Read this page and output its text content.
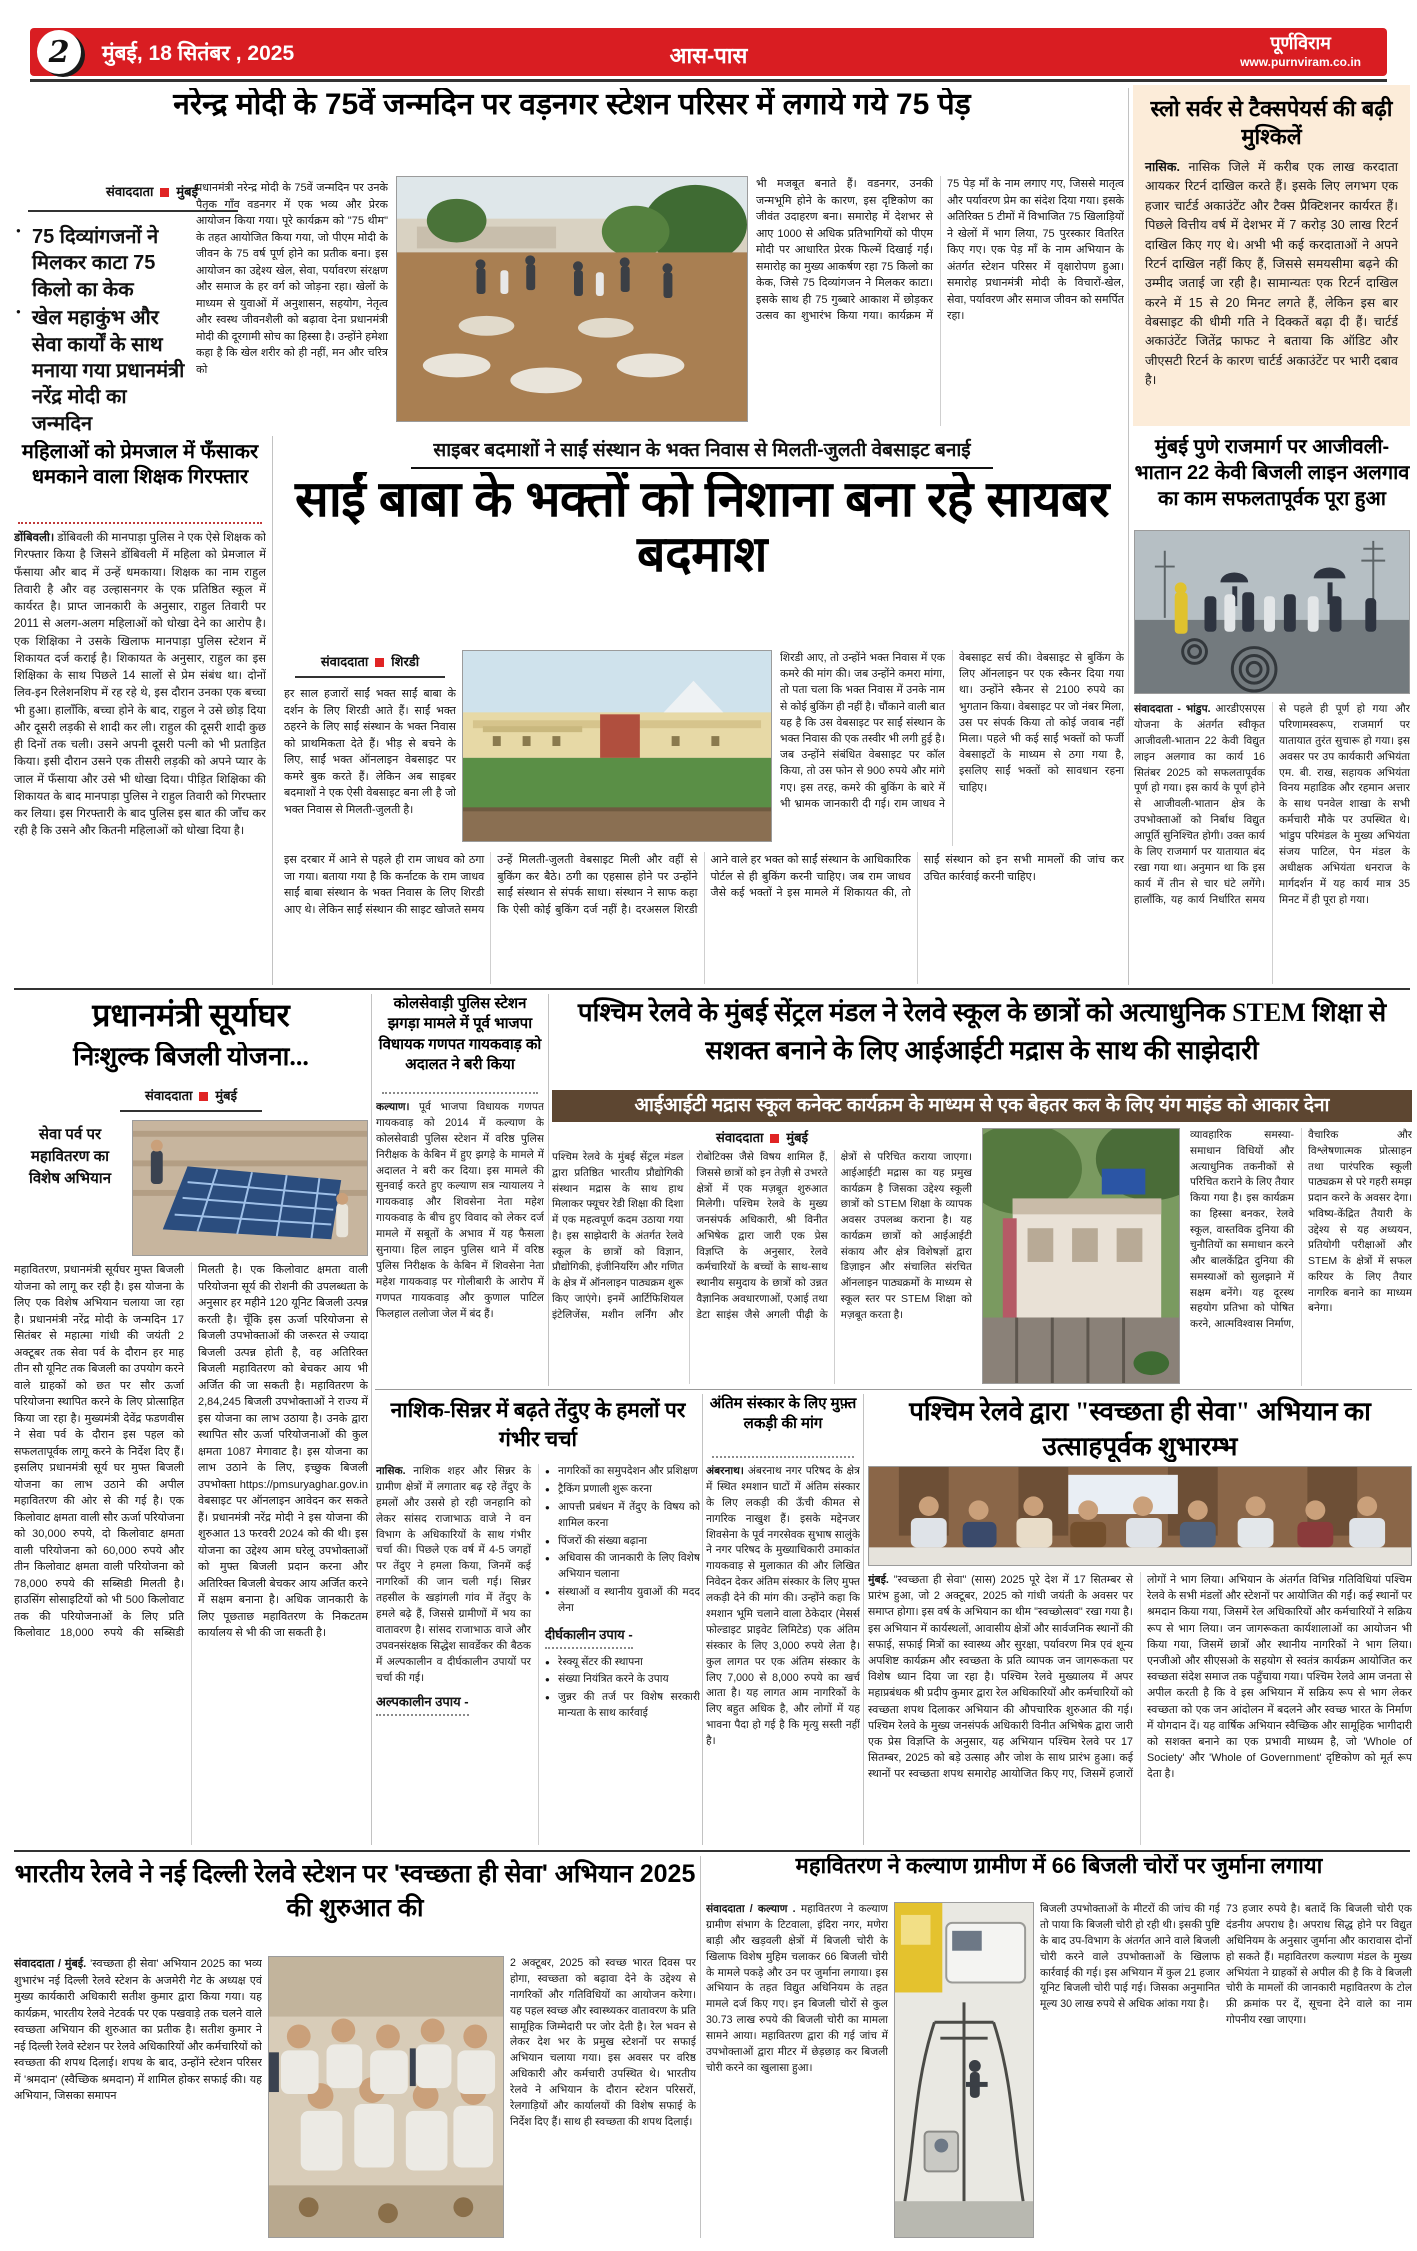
2 मुंबई, 18 सितंबर , 2025	आस-पास	पूर्णविराम
www.purnviram.co.in
नरेन्द्र मोदी के 75वें जन्मदिन पर वड़नगर स्टेशन परिसर में लगाये गये 75 पेड़
संवाददाता मुंबई
● 75 दिव्यांगजनों ने मिलकर काटा 75 किलो का केक
● खेल महाकुंभ और सेवा कार्यों के साथ मनाया गया प्रधानमंत्री नरेंद्र मोदी का जन्मदिन
प्रधानमंत्री नरेन्द्र मोदी के 75वें जन्मदिन पर उनके पैतृक गाँव वडनगर में एक भव्य और प्रेरक आयोजन किया गया। पूरे कार्यक्रम को "75 थीम" के तहत आयोजित किया गया, जो पीएम मोदी के जीवन के 75 वर्ष पूर्ण होने का प्रतीक बना। इस आयोजन का उद्देश्य खेल, सेवा, पर्यावरण संरक्षण और समाज के हर वर्ग को जोड़ना रहा। खेलों के माध्यम से युवाओं में अनुशासन, सहयोग, नेतृत्व और स्वस्थ जीवनशैली को बढ़ावा देना प्रधानमंत्री मोदी की दूरगामी सोच का हिस्सा है। उन्होंने हमेशा कहा है कि खेल शरीर को ही नहीं, मन और चरित्र को
भी मजबूत बनाते हैं। वडनगर, उनकी जन्मभूमि होने के कारण, इस दृष्टिकोण का जीवंत उदाहरण बना। समारोह में देशभर से आए 1000 से अधिक प्रतिभागियों को पीएम मोदी पर आधारित प्रेरक फिल्में दिखाई गईं। समारोह का मुख्य आकर्षण रहा 75 किलो का केक, जिसे 75 दिव्यांगजन ने मिलकर काटा। इसके साथ ही 75 गुब्बारे आकाश में छोड़कर उत्सव का शुभारंभ किया गया। कार्यक्रम में 75 पेड़ माँ के नाम लगाए गए, जिससे मातृत्व और पर्यावरण प्रेम का संदेश दिया गया। इसके अतिरिक्त 5 टीमों में विभाजित 75 खिलाड़ियों ने खेलों में भाग लिया, 75 पुरस्कार वितरित किए गए। एक पेड़ माँ के नाम अभियान के अंतर्गत स्टेशन परिसर में वृक्षारोपण हुआ। समारोह प्रधानमंत्री मोदी के विचारों-खेल, सेवा, पर्यावरण और समाज जीवन को समर्पित रहा।
स्लो सर्वर से टैक्सपेयर्स की बढ़ी मुश्किलें
नासिक. नासिक जिले में करीब एक लाख करदाता आयकर रिटर्न दाखिल करते हैं। इसके लिए लगभग एक हजार चार्टर्ड अकाउंटेंट और टैक्स प्रैक्टिशनर कार्यरत हैं। पिछले वित्तीय वर्ष में देशभर में 7 करोड़ 30 लाख रिटर्न दाखिल किए गए थे। अभी भी कई करदाताओं ने अपने रिटर्न दाखिल नहीं किए हैं, जिससे समयसीमा बढ़ने की उम्मीद जताई जा रही है। सामान्यतः एक रिटर्न दाखिल करने में 15 से 20 मिनट लगते हैं, लेकिन इस बार वेबसाइट की धीमी गति ने दिक्कतें बढ़ा दी हैं। चार्टर्ड अकाउंटेंट जितेंद्र फाफट ने बताया कि ऑडिट और जीएसटी रिटर्न के कारण चार्टर्ड अकाउंटेंट पर भारी दबाव है।
महिलाओं को प्रेमजाल में फँसाकर धमकाने वाला शिक्षक गिरफ्तार
डोंबिवली। डोंबिवली की मानपाड़ा पुलिस ने एक ऐसे शिक्षक को गिरफ्तार किया है जिसने डोंबिवली में महिला को प्रेमजाल में फँसाया और बाद में उन्हें धमकाया। शिक्षक का नाम राहुल तिवारी है और वह उल्हासनगर के एक प्रतिष्ठित स्कूल में कार्यरत है। प्राप्त जानकारी के अनुसार, राहुल तिवारी पर 2011 से अलग-अलग महिलाओं को धोखा देने का आरोप है। एक शिक्षिका ने उसके खिलाफ मानपाड़ा पुलिस स्टेशन में शिकायत दर्ज कराई है। शिकायत के अनुसार, राहुल का इस शिक्षिका के साथ पिछले 14 सालों से प्रेम संबंध था। दोनों लिव-इन रिलेशनशिप में रह रहे थे, इस दौरान उनका एक बच्चा भी हुआ। हालाँकि, बच्चा होने के बाद, राहुल ने उसे छोड़ दिया और दूसरी लड़की से शादी कर ली। राहुल की दूसरी शादी कुछ ही दिनों तक चली। उसने अपनी दूसरी पत्नी को भी प्रताड़ित किया। इसी दौरान उसने एक तीसरी लड़की को अपने प्यार के जाल में फँसाया और उसे भी धोखा दिया। पीड़ित शिक्षिका की शिकायत के बाद मानपाड़ा पुलिस ने राहुल तिवारी को गिरफ्तार कर लिया। इस गिरफ्तारी के बाद पुलिस इस बात की जाँच कर रही है कि उसने और कितनी महिलाओं को धोखा दिया है।
साइबर बदमाशों ने साईं संस्थान के भक्त निवास से मिलती-जुलती वेबसाइट बनाई
साईं बाबा के भक्तों को निशाना बना रहे सायबर बदमाश
संवाददाता शिरडी
हर साल हजारों साईं भक्त साईं बाबा के दर्शन के लिए शिरडी आते हैं। साईं भक्त ठहरने के लिए साईं संस्थान के भक्त निवास को प्राथमिकता देते हैं। भीड़ से बचने के लिए, साईं भक्त ऑनलाइन वेबसाइट पर कमरे बुक करते हैं। लेकिन अब साइबर बदमाशों ने एक ऐसी वेबसाइट बना ली है जो भक्त निवास से मिलती-जुलती है।
शिरडी आए, तो उन्होंने भक्त निवास में एक कमरे की मांग की। जब उन्होंने कमरा मांगा, तो पता चला कि भक्त निवास में उनके नाम से कोई बुकिंग ही नहीं है। चौंकाने वाली बात यह है कि उस वेबसाइट पर साईं संस्थान के भक्त निवास की एक तस्वीर भी लगी हुई है। जब उन्होंने संबंधित वेबसाइट पर कॉल किया, तो उस फोन से 900 रुपये और मांगे गए। इस तरह, कमरे की बुकिंग के बारे में भी भ्रामक जानकारी दी गई। राम जाधव ने वेबसाइट सर्च की। वेबसाइट से बुकिंग के लिए ऑनलाइन पर एक स्कैनर दिया गया था। उन्होंने स्कैनर से 2100 रुपये का भुगतान किया। वेबसाइट पर जो नंबर मिला, उस पर संपर्क किया तो कोई जवाब नहीं मिला। पहले भी कई साईं भक्तों को फर्जी वेबसाइटों के माध्यम से ठगा गया है, इसलिए साईं भक्तों को सावधान रहना चाहिए।
इस दरबार में आने से पहले ही राम जाधव को ठगा जा गया। बताया गया है कि कर्नाटक के राम जाधव साईं बाबा संस्थान के भक्त निवास के लिए शिरडी आए थे। लेकिन साईं संस्थान की साइट खोजते समय उन्हें मिलती-जुलती वेबसाइट मिली और वहीं से बुकिंग कर बैठे। ठगी का एहसास होने पर उन्होंने साईं संस्थान से संपर्क साधा। संस्थान ने साफ कहा कि ऐसी कोई बुकिंग दर्ज नहीं है। दरअसल शिरडी आने वाले हर भक्त को साईं संस्थान के आधिकारिक पोर्टल से ही बुकिंग करनी चाहिए। जब राम जाधव जैसे कई भक्तों ने इस मामले में शिकायत की, तो साईं संस्थान को इन सभी मामलों की जांच कर उचित कार्रवाई करनी चाहिए।
मुंबई पुणे राजमार्ग पर आजीवली- भातान 22 केवी बिजली लाइन अलगाव का काम सफलतापूर्वक पूरा हुआ
संवाददाता - भांडुप. आरडीएसएस योजना के अंतर्गत स्वीकृत आजीवली-भातान 22 केवी विद्युत लाइन अलगाव का कार्य 16 सितंबर 2025 को सफलतापूर्वक पूर्ण हो गया। इस कार्य के पूर्ण होने से आजीवली-भातान क्षेत्र के उपभोक्ताओं को निर्बाध विद्युत आपूर्ति सुनिश्चित होगी। उक्त कार्य के लिए राजमार्ग पर यातायात बंद रखा गया था। अनुमान था कि इस कार्य में तीन से चार घंटे लगेंगे। हालाँकि, यह कार्य निर्धारित समय से पहले ही पूर्ण हो गया और परिणामस्वरूप, राजमार्ग पर यातायात तुरंत सुचारू हो गया। इस अवसर पर उप कार्यकारी अभियंता एम. बी. राख, सहायक अभियंता विनय महाडिक और रहमान अत्तार के साथ पनवेल शाखा के सभी कर्मचारी मौके पर उपस्थित थे। भांडुप परिमंडल के मुख्य अभियंता संजय पाटिल, पेन मंडल के अधीक्षक अभियंता धनराज के मार्गदर्शन में यह कार्य मात्र 35 मिनट में ही पूरा हो गया।
प्रधानमंत्री सूर्याघर
निःशुल्क बिजली योजना...
संवाददाता मुंबई
सेवा पर्व पर महावितरण का विशेष अभियान
महावितरण, प्रधानमंत्री सूर्यघर मुफ्त बिजली योजना को लागू कर रही है। इस योजना के लिए एक विशेष अभियान चलाया जा रहा है। प्रधानमंत्री नरेंद्र मोदी के जन्मदिन 17 सितंबर से महात्मा गांधी की जयंती 2 अक्टूबर तक सेवा पर्व के दौरान हर माह तीन सौ यूनिट तक बिजली का उपयोग करने वाले ग्राहकों को छत पर सौर ऊर्जा परियोजना स्थापित करने के लिए प्रोत्साहित किया जा रहा है। मुख्यमंत्री देवेंद्र फडणवीस ने सेवा पर्व के दौरान इस पहल को सफलतापूर्वक लागू करने के निर्देश दिए हैं। इसलिए प्रधानमंत्री सूर्य घर मुफ्त बिजली योजना का लाभ उठाने की अपील महावितरण की ओर से की गई है। एक किलोवाट क्षमता वाली सौर ऊर्जा परियोजना को 30,000 रुपये, दो किलोवाट क्षमता वाली परियोजना को 60,000 रुपये और तीन किलोवाट क्षमता वाली परियोजना को 78,000 रुपये की सब्सिडी मिलती है। हाउसिंग सोसाइटियों को भी 500 किलोवाट तक की परियोजनाओं के लिए प्रति किलोवाट 18,000 रुपये की सब्सिडी मिलती है। एक किलोवाट क्षमता वाली परियोजना सूर्य की रोशनी की उपलब्धता के अनुसार हर महीने 120 यूनिट बिजली उत्पन्न करती है। चूँकि इस ऊर्जा परियोजना से बिजली उपभोक्ताओं की जरूरत से ज्यादा बिजली उत्पन्न होती है, वह अतिरिक्त बिजली महावितरण को बेचकर आय भी अर्जित की जा सकती है। महावितरण के 2,84,245 बिजली उपभोक्ताओं ने राज्य में इस योजना का लाभ उठाया है। उनके द्वारा स्थापित सौर ऊर्जा परियोजनाओं की कुल क्षमता 1087 मेगावाट है। इस योजना का लाभ उठाने के लिए, इच्छुक बिजली उपभोक्ता https://pmsuryaghar.gov.in वेबसाइट पर ऑनलाइन आवेदन कर सकते हैं। प्रधानमंत्री नरेंद्र मोदी ने इस योजना की शुरुआत 13 फरवरी 2024 को की थी। इस योजना का उद्देश्य आम घरेलू उपभोक्ताओं को मुफ्त बिजली प्रदान करना और अतिरिक्त बिजली बेचकर आय अर्जित करने में सक्षम बनाना है। अधिक जानकारी के लिए पूछताछ महावितरण के निकटतम कार्यालय से भी की जा सकती है।
कोलसेवाड़ी पुलिस स्टेशन झगड़ा मामले में पूर्व भाजपा विधायक गणपत गायकवाड़ को अदालत ने बरी किया
कल्याण। पूर्व भाजपा विधायक गणपत गायकवाड़ को 2014 में कल्याण के कोलसेवाडी पुलिस स्टेशन में वरिष्ठ पुलिस निरीक्षक के केबिन में हुए झगड़े के मामले में अदालत ने बरी कर दिया। इस मामले की सुनवाई करते हुए कल्याण सत्र न्यायालय ने गायकवाड़ और शिवसेना नेता महेश गायकवाड़ के बीच हुए विवाद को लेकर दर्ज मामले में सबूतों के अभाव में यह फैसला सुनाया। हिल लाइन पुलिस थाने में वरिष्ठ पुलिस निरीक्षक के केबिन में शिवसेना नेता महेश गायकवाड़ पर गोलीबारी के आरोप में गणपत गायकवाड़ और कुणाल पाटिल फिलहाल तलोजा जेल में बंद हैं।
पश्चिम रेलवे के मुंबई सेंट्रल मंडल ने रेलवे स्कूल के छात्रों को अत्याधुनिक STEM शिक्षा से सशक्त बनाने के लिए आईआईटी मद्रास के साथ की साझेदारी
आईआईटी मद्रास स्कूल कनेक्ट कार्यक्रम के माध्यम से एक बेहतर कल के लिए यंग माइंड को आकार देना
संवाददाता मुंबई
पश्चिम रेलवे के मुंबई सेंट्रल मंडल द्वारा प्रतिष्ठित भारतीय प्रौद्योगिकी संस्थान मद्रास के साथ हाथ मिलाकर फ्यूचर रेडी शिक्षा की दिशा में एक महत्वपूर्ण कदम उठाया गया है। इस साझेदारी के अंतर्गत रेलवे स्कूल के छात्रों को विज्ञान, प्रौद्योगिकी, इंजीनियरिंग और गणित के क्षेत्र में ऑनलाइन पाठ्यक्रम शुरू किए जाएंगे। इनमें आर्टिफिशियल इंटेलिजेंस, मशीन लर्निंग और रोबोटिक्स जैसे विषय शामिल हैं, जिससे छात्रों को इन तेज़ी से उभरते क्षेत्रों में एक मज़बूत शुरुआत मिलेगी। पश्चिम रेलवे के मुख्य जनसंपर्क अधिकारी, श्री विनीत अभिषेक द्वारा जारी एक प्रेस विज्ञप्ति के अनुसार, रेलवे कर्मचारियों के बच्चों के साथ-साथ स्थानीय समुदाय के छात्रों को उन्नत वैज्ञानिक अवधारणाओं, एआई तथा डेटा साइंस जैसे अगली पीढ़ी के क्षेत्रों से परिचित कराया जाएगा। आईआईटी मद्रास का यह प्रमुख कार्यक्रम है जिसका उद्देश्य स्कूली छात्रों को STEM शिक्षा के व्यापक अवसर उपलब्ध कराना है। यह कार्यक्रम छात्रों को आईआईटी संकाय और क्षेत्र विशेषज्ञों द्वारा डिज़ाइन और संचालित संरचित ऑनलाइन पाठ्यक्रमों के माध्यम से स्कूल स्तर पर STEM शिक्षा को मज़बूत करता है।
व्यावहारिक समस्या-समाधान विधियों और अत्याधुनिक तकनीकों से परिचित कराने के लिए तैयार किया गया है। इस कार्यक्रम का हिस्सा बनकर, रेलवे स्कूल, वास्तविक दुनिया की चुनौतियों का समाधान करने और बालकेंद्रित दुनिया की समस्याओं को सुलझाने में सक्षम बनेंगे। यह दूरस्थ सहयोग प्रतिभा को पोषित करने, आत्मविश्वास निर्माण, वैचारिक और विश्लेषणात्मक प्रोत्साहन तथा पारंपरिक स्कूली पाठ्यक्रम से परे गहरी समझ प्रदान करने के अवसर देगा। भविष्य-केंद्रित तैयारी के उद्देश्य से यह अध्ययन, प्रतियोगी परीक्षाओं और STEM के क्षेत्रों में सफल करियर के लिए तैयार नागरिक बनाने का माध्यम बनेगा।
नाशिक-सिन्नर में बढ़ते तेंदुए के हमलों पर गंभीर चर्चा
नासिक. नाशिक शहर और सिन्नर के ग्रामीण क्षेत्रों में लगातार बढ़ रहे तेंदुए के हमलों और उससे हो रही जनहानि को लेकर सांसद राजाभाऊ वाजे ने वन विभाग के अधिकारियों के साथ गंभीर चर्चा की। पिछले एक वर्ष में 4-5 जगहों पर तेंदुए ने हमला किया, जिनमें कई नागरिकों की जान चली गई। सिन्नर तहसील के खड़ांगली गांव में तेंदुए के हमले बढ़े हैं, जिससे ग्रामीणों में भय का वातावरण है। सांसद राजाभाऊ वाजे और उपवनसंरक्षक सिद्धेश सावर्डेकर की बैठक में अल्पकालीन व दीर्घकालीन उपायों पर चर्चा की गई।
अल्पकालीन उपाय -
● नागरिकों का समुपदेशन और प्रशिक्षण
● ट्रैकिंग प्रणाली शुरू करना
● आपत्ती प्रबंधन में तेंदुए के विषय को शामिल करना
● पिंजरों की संख्या बढ़ाना
● अधिवास की जानकारी के लिए विशेष अभियान चलाना
● संस्थाओं व स्थानीय युवाओं की मदद लेना
दीर्घकालीन उपाय -
● रेस्क्यू सेंटर की स्थापना
● संख्या नियंत्रित करने के उपाय
● जुन्नर की तर्ज पर विशेष सरकारी मान्यता के साथ कार्रवाई
अंतिम संस्कार के लिए मुफ़्त लकड़ी की मांग
अंबरनाथ। अंबरनाथ नगर परिषद के क्षेत्र में स्थित श्मशान घाटों में अंतिम संस्कार के लिए लकड़ी की ऊँची कीमत से नागरिक नाखुश हैं। इसके मद्देनजर शिवसेना के पूर्व नगरसेवक सुभाष सालुंके ने नगर परिषद के मुख्याधिकारी उमाकांत गायकवाड़ से मुलाकात की और लिखित निवेदन देकर अंतिम संस्कार के लिए मुफ्त लकड़ी देने की मांग की। उन्होंने कहा कि श्मशान भूमि चलाने वाला ठेकेदार (मेसर्स फोल्डाइट प्राइवेट लिमिटेड) एक अंतिम संस्कार के लिए 3,000 रुपये लेता है। कुल लागत पर एक अंतिम संस्कार के लिए 7,000 से 8,000 रुपये का खर्च आता है। यह लागत आम नागरिकों के लिए बहुत अधिक है, और लोगों में यह भावना पैदा हो गई है कि मृत्यु सस्ती नहीं है।
पश्चिम रेलवे द्वारा "स्वच्छता ही सेवा" अभियान का उत्साहपूर्वक शुभारम्भ
मुंबई. "स्वच्छता ही सेवा" (सास) 2025 पूरे देश में 17 सितम्बर से प्रारंभ हुआ, जो 2 अक्टूबर, 2025 को गांधी जयंती के अवसर पर समाप्त होगा। इस वर्ष के अभियान का थीम "स्वच्छोत्सव" रखा गया है। इस अभियान में कार्यस्थलों, आवासीय क्षेत्रों और सार्वजनिक स्थानों की सफाई, सफाई मित्रों का स्वास्थ्य और सुरक्षा, पर्यावरण मित्र एवं शून्य अपशिष्ट कार्यक्रम और स्वच्छता के प्रति व्यापक जन जागरूकता पर विशेष ध्यान दिया जा रहा है। पश्चिम रेलवे मुख्यालय में अपर महाप्रबंधक श्री प्रदीप कुमार द्वारा रेल अधिकारियों और कर्मचारियों को स्वच्छता शपथ दिलाकर अभियान की औपचारिक शुरुआत की गई। पश्चिम रेलवे के मुख्य जनसंपर्क अधिकारी विनीत अभिषेक द्वारा जारी एक प्रेस विज्ञप्ति के अनुसार, यह अभियान पश्चिम रेलवे पर 17 सितम्बर, 2025 को बड़े उत्साह और जोश के साथ प्रारंभ हुआ। कई स्थानों पर स्वच्छता शपथ समारोह आयोजित किए गए, जिसमें हजारों लोगों ने भाग लिया। अभियान के अंतर्गत विभिन्न गतिविधियां पश्चिम रेलवे के सभी मंडलों और स्टेशनों पर आयोजित की गईं। कई स्थानों पर श्रमदान किया गया, जिसमें रेल अधिकारियों और कर्मचारियों ने सक्रिय रूप से भाग लिया। जन जागरूकता कार्यशालाओं का आयोजन भी किया गया, जिसमें छात्रों और स्थानीय नागरिकों ने भाग लिया। एनजीओ और सीएसओ के सहयोग से स्वतंत्र कार्यक्रम आयोजित कर स्वच्छता संदेश समाज तक पहुँचाया गया। पश्चिम रेलवे आम जनता से अपील करती है कि वे इस अभियान में सक्रिय रूप से भाग लेकर स्वच्छता को एक जन आंदोलन में बदलने और स्वच्छ भारत के निर्माण में योगदान दें। यह वार्षिक अभियान स्वैच्छिक और सामूहिक भागीदारी को सशक्त बनाने का एक प्रभावी माध्यम है, जो 'Whole of Society' और 'Whole of Government' दृष्टिकोण को मूर्त रूप देता है।
भारतीय रेलवे ने नई दिल्ली रेलवे स्टेशन पर 'स्वच्छता ही सेवा' अभियान 2025 की शुरुआत की
संवाददाता / मुंबई. 'स्वच्छता ही सेवा' अभियान 2025 का भव्य शुभारंभ नई दिल्ली रेलवे स्टेशन के अजमेरी गेट के अध्यक्ष एवं मुख्य कार्यकारी अधिकारी सतीश कुमार द्वारा किया गया। यह कार्यक्रम, भारतीय रेलवे नेटवर्क पर एक पखवाड़े तक चलने वाले स्वच्छता अभियान की शुरुआत का प्रतीक है। सतीश कुमार ने नई दिल्ली रेलवे स्टेशन पर रेलवे अधिकारियों और कर्मचारियों को स्वच्छता की शपथ दिलाई। शपथ के बाद, उन्होंने स्टेशन परिसर में 'श्रमदान' (स्वैच्छिक श्रमदान) में शामिल होकर सफाई की। यह अभियान, जिसका समापन
2 अक्टूबर, 2025 को स्वच्छ भारत दिवस पर होगा, स्वच्छता को बढ़ावा देने के उद्देश्य से नागरिकों और गतिविधियों का आयोजन करेगा। यह पहल स्वच्छ और स्वास्थ्यकर वातावरण के प्रति सामूहिक जिम्मेदारी पर जोर देती है। रेल भवन से लेकर देश भर के प्रमुख स्टेशनों पर सफाई अभियान चलाया गया। इस अवसर पर वरिष्ठ अधिकारी और कर्मचारी उपस्थित थे। भारतीय रेलवे ने अभियान के दौरान स्टेशन परिसरों, रेलगाड़ियों और कार्यालयों की विशेष सफाई के निर्देश दिए हैं। साथ ही स्वच्छता की शपथ दिलाई।
महावितरण ने कल्याण ग्रामीण में 66 बिजली चोरों पर जुर्माना लगाया
संवाददाता / कल्याण . महावितरण ने कल्याण ग्रामीण संभाग के टिटवाला, इंदिरा नगर, मणेरा बाड़ी और खड़वली क्षेत्रों में बिजली चोरी के खिलाफ विशेष मुहिम चलाकर 66 बिजली चोरी के मामले पकड़े और उन पर जुर्माना लगाया। इस अभियान के तहत विद्युत अधिनियम के तहत मामले दर्ज किए गए। इन बिजली चोरों से कुल 30.73 लाख रुपये की बिजली चोरी का मामला सामने आया। महावितरण द्वारा की गई जांच में उपभोक्ताओं द्वारा मीटर में छेड़छाड़ कर बिजली चोरी करने का खुलासा हुआ।
बिजली उपभोक्ताओं के मीटरों की जांच की गई तो पाया कि बिजली चोरी हो रही थी। इसकी पुष्टि के बाद उप-विभाग के अंतर्गत आने वाले बिजली चोरी करने वाले उपभोक्ताओं के खिलाफ कार्रवाई की गई। इस अभियान में कुल 21 हजार यूनिट बिजली चोरी पाई गई। जिसका अनुमानित मूल्य 30 लाख रुपये से अधिक आंका गया है।
73 हजार रुपये है। बतादें कि बिजली चोरी एक दंडनीय अपराध है। अपराध सिद्ध होने पर विद्युत अधिनियम के अनुसार जुर्माना और कारावास दोनों हो सकते हैं। महावितरण कल्याण मंडल के मुख्य अभियंता ने ग्राहकों से अपील की है कि वे बिजली चोरी के मामलों की जानकारी महावितरण के टोल फ्री क्रमांक पर दें, सूचना देने वाले का नाम गोपनीय रखा जाएगा।
